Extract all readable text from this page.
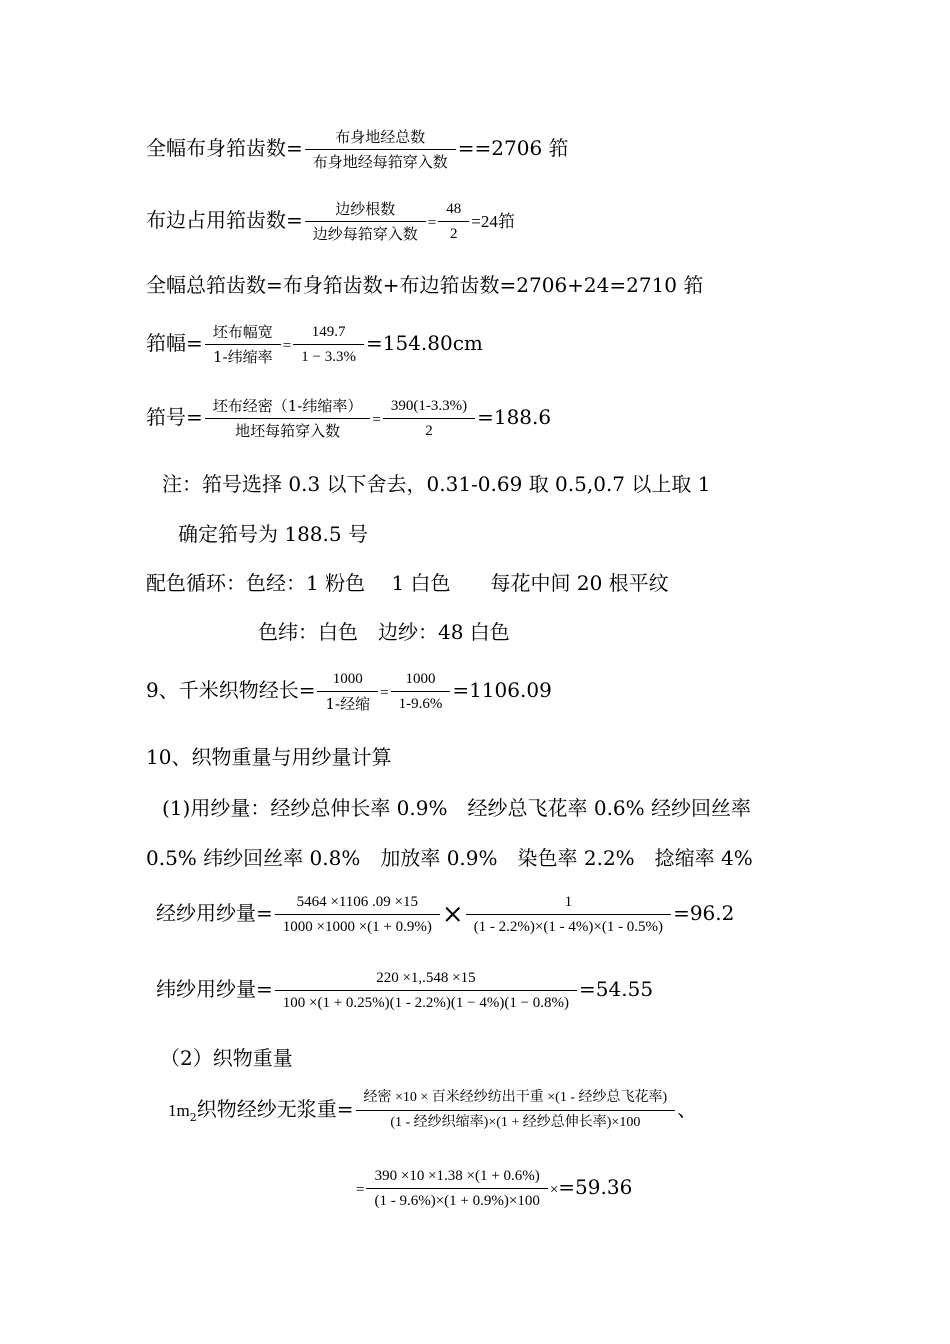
全幅布身筘齿数= $\frac{\text{布身地经总数}}{\text{布身地经每筘穿入数}} ==2706$ 筘
布边占用筘齿数= $\frac{\text{边纱根数}}{\text{边纱每筘穿入数}} = \frac{48}{2} =24$筘
全幅总筘齿数=布身筘齿数+布边筘齿数=2706+24=2710 筘
筘幅= $\frac{\text{坯布幅宽}}{\text{1-纬缩率}} = \frac{149.7}{1 - 3.3\%} =154.80cm$
筘号= $\frac{\text{坯布经密（1-纬缩率）}}{\text{地坯每筘穿入数}} = \frac{390(1-3.3\%)}{2} =188.6$
注：筘号选择 0.3 以下舍去，0.31-0.69 取 0.5,0.7 以上取 1
确定筘号为 188.5 号
配色循环：色经：1 粉色　 1 白色　　每花中间 20 根平纹
色纬：白色　边纱：48 白色
9、千米织物经长= $\frac{1000}{\text{1-经缩}} = \frac{1000}{1-9.6\%} =1106.09$
10、织物重量与用纱量计算
(1)用纱量：经纱总伸长率 0.9%　经纱总飞花率 0.6% 经纱回丝率
0.5% 纬纱回丝率 0.8%　加放率 0.9%　染色率 2.2%　捻缩率 4%
经纱用纱量= $\frac{5464 \times 1106 .09 \times 15}{1000 \times 1000 \times(1 + 0.9\%)} \times \frac{1}{(1 - 2.2\%)\times(1 - 4\%)\times(1 - 0.5\%)} =96.2$
纬纱用纱量= $\frac{220 \times 1,.548 \times 15}{100 \times(1 + 0.25\%)(1 - 2.2\%)(1 - 4\%)(1 - 0.8\%)} =54.55$
（2）织物重量
$1m_2$织物经纱无浆重= $\frac{\text{经密 ×10 × 百米经纱纺出干重 ×(1 - 经纱总飞花率)}}{\text{(1 - 经纱织缩率)×(1 + 经纱总伸长率)×100}}$ 、
= $\frac{390 \times 10 \times 1.38 \times(1 + 0.6\%)}{(1 - 9.6\%)\times(1 + 0.9\%)\times 100} \times=59.36$
